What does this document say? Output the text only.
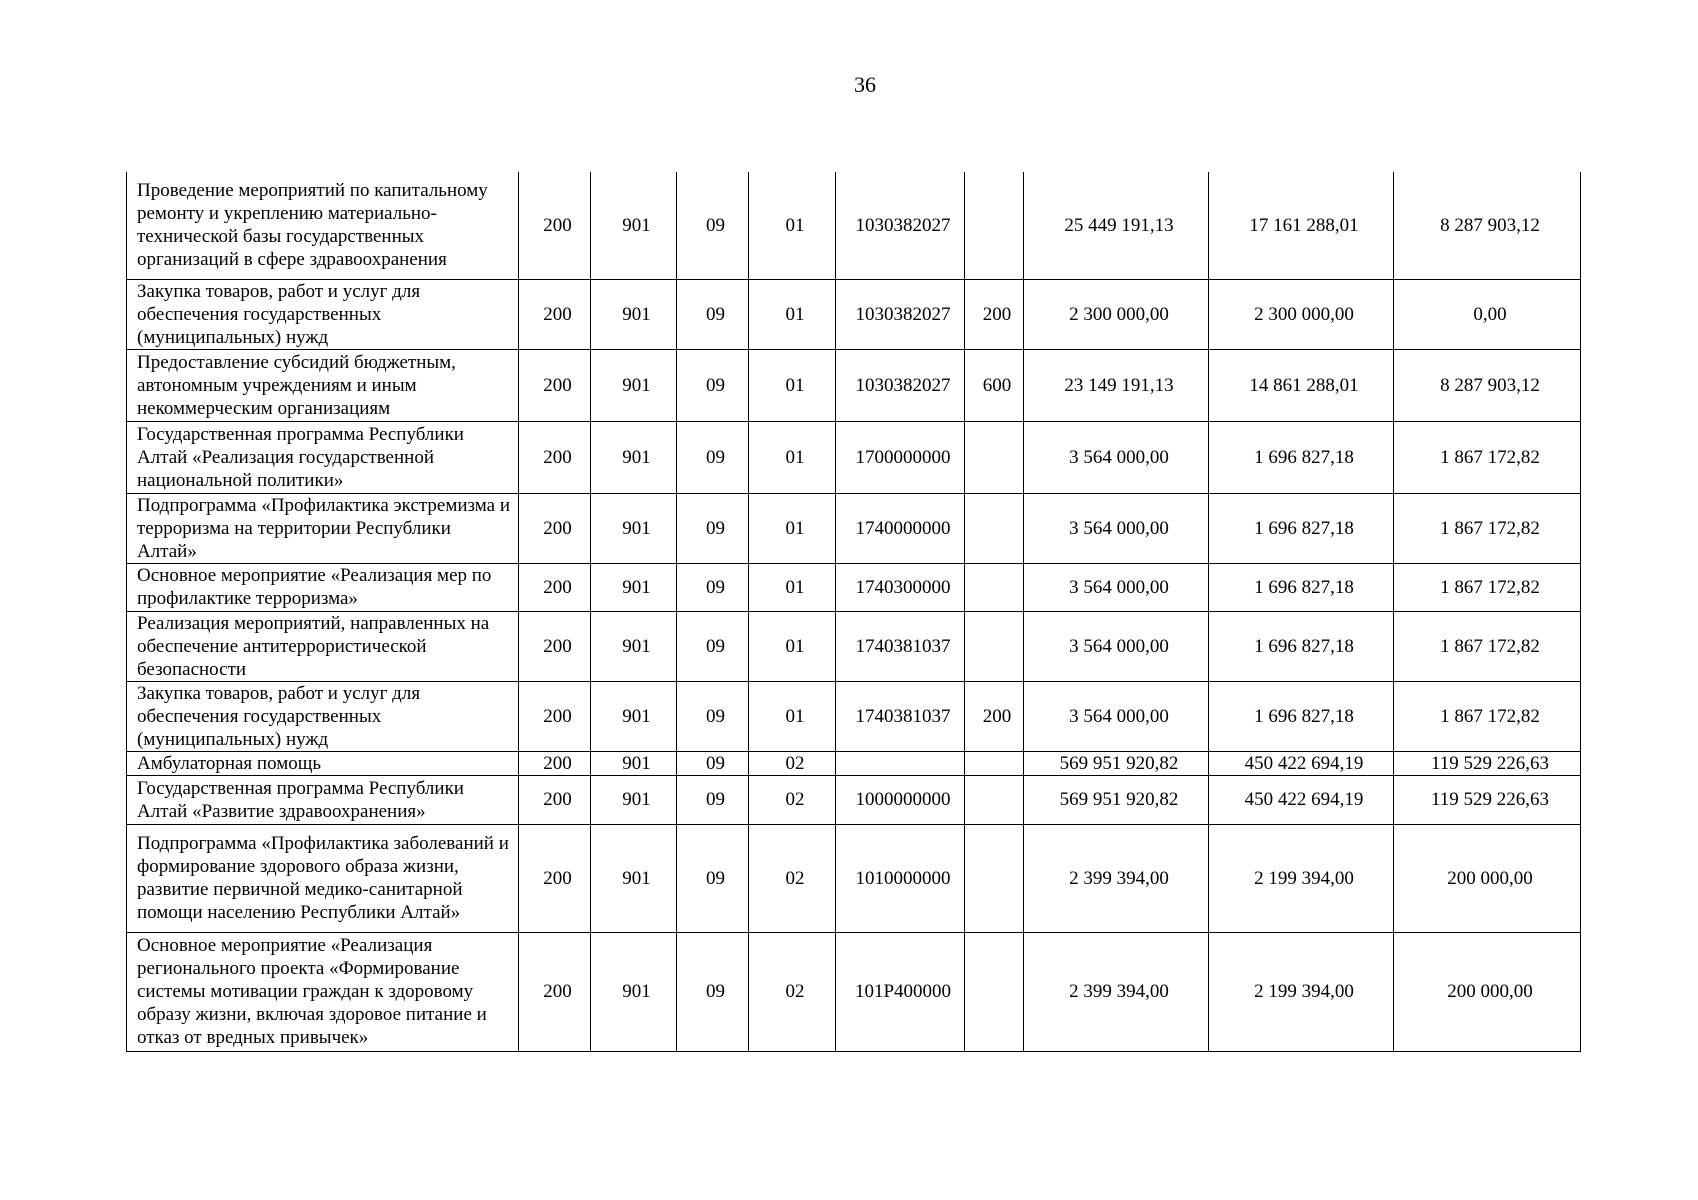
36
Проведение мероприятий по капитальному ремонту и укреплению материально-технической базы государственных организаций в сфере здравоохранения	200	901	09	01	1030382027		25 449 191,13	17 161 288,01	8 287 903,12
Закупка товаров, работ и услуг для обеспечения государственных (муниципальных) нужд	200	901	09	01	1030382027	200	2 300 000,00	2 300 000,00	0,00
Предоставление субсидий бюджетным, автономным учреждениям и иным некоммерческим организациям	200	901	09	01	1030382027	600	23 149 191,13	14 861 288,01	8 287 903,12
Государственная программа Республики Алтай «Реализация государственной национальной политики»	200	901	09	01	1700000000		3 564 000,00	1 696 827,18	1 867 172,82
Подпрограмма «Профилактика экстремизма и терроризма на территории Республики Алтай»	200	901	09	01	1740000000		3 564 000,00	1 696 827,18	1 867 172,82
Основное мероприятие «Реализация мер по профилактике терроризма»	200	901	09	01	1740300000		3 564 000,00	1 696 827,18	1 867 172,82
Реализация мероприятий, направленных на обеспечение антитеррористической безопасности	200	901	09	01	1740381037		3 564 000,00	1 696 827,18	1 867 172,82
Закупка товаров, работ и услуг для обеспечения государственных (муниципальных) нужд	200	901	09	01	1740381037	200	3 564 000,00	1 696 827,18	1 867 172,82
Амбулаторная помощь	200	901	09	02			569 951 920,82	450 422 694,19	119 529 226,63
Государственная программа Республики Алтай «Развитие здравоохранения»	200	901	09	02	1000000000		569 951 920,82	450 422 694,19	119 529 226,63
Подпрограмма «Профилактика заболеваний и формирование здорового образа жизни, развитие первичной медико-санитарной помощи населению Республики Алтай»	200	901	09	02	1010000000		2 399 394,00	2 199 394,00	200 000,00
Основное мероприятие «Реализация регионального проекта «Формирование системы мотивации граждан к здоровому образу жизни, включая здоровое питание и отказ от вредных привычек»	200	901	09	02	101P400000		2 399 394,00	2 199 394,00	200 000,00
